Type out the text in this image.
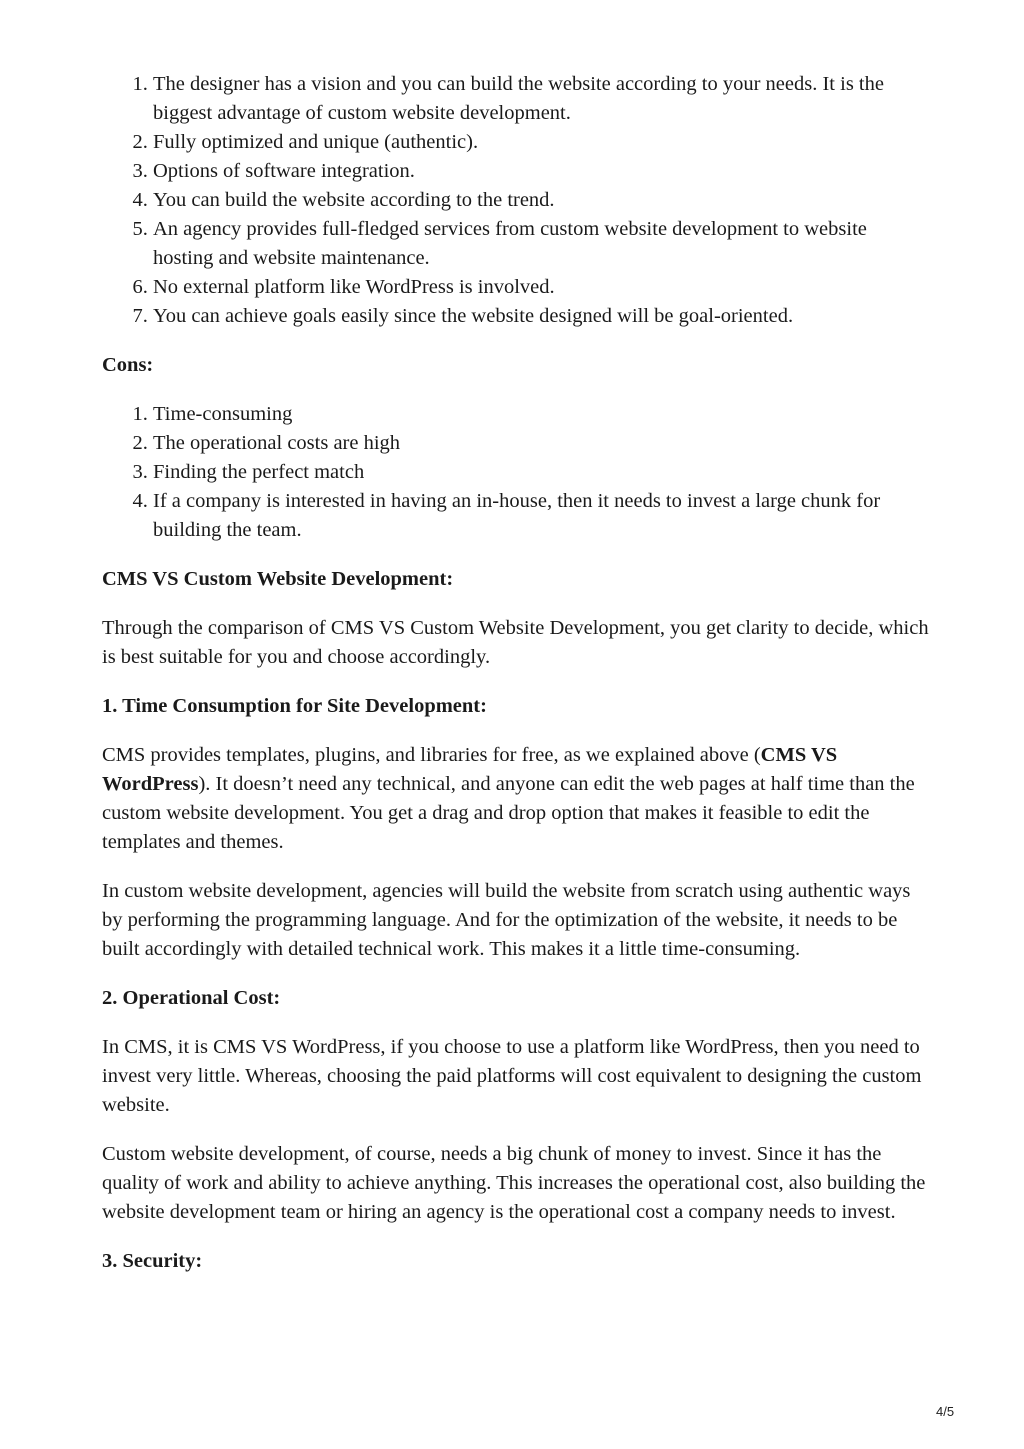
1. The designer has a vision and you can build the website according to your needs. It is the biggest advantage of custom website development.
2. Fully optimized and unique (authentic).
3. Options of software integration.
4. You can build the website according to the trend.
5. An agency provides full-fledged services from custom website development to website hosting and website maintenance.
6. No external platform like WordPress is involved.
7. You can achieve goals easily since the website designed will be goal-oriented.

Cons:

1. Time-consuming
2. The operational costs are high
3. Finding the perfect match
4. If a company is interested in having an in-house, then it needs to invest a large chunk for building the team.

CMS VS Custom Website Development:

Through the comparison of CMS VS Custom Website Development, you get clarity to decide, which is best suitable for you and choose accordingly.

1. Time Consumption for Site Development:

CMS provides templates, plugins, and libraries for free, as we explained above (CMS VS WordPress). It doesn’t need any technical, and anyone can edit the web pages at half time than the custom website development. You get a drag and drop option that makes it feasible to edit the templates and themes.

In custom website development, agencies will build the website from scratch using authentic ways by performing the programming language. And for the optimization of the website, it needs to be built accordingly with detailed technical work. This makes it a little time-consuming.

2. Operational Cost:

In CMS, it is CMS VS WordPress, if you choose to use a platform like WordPress, then you need to invest very little. Whereas, choosing the paid platforms will cost equivalent to designing the custom website.

Custom website development, of course, needs a big chunk of money to invest. Since it has the quality of work and ability to achieve anything. This increases the operational cost, also building the website development team or hiring an agency is the operational cost a company needs to invest.

3. Security:

4/5
